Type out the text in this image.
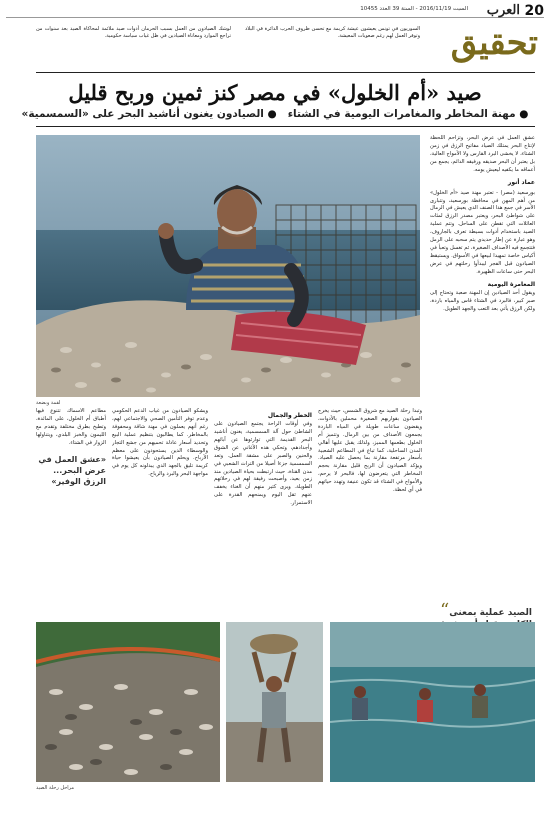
20
العرب
السبت 2016/11/19 - السنة 39 العدد 10455
تحقيق
السوريون في تونس يعيشون عيشة كريمة مع تحسن ظروف الحرب الدائرة في البلاد وتوفر العمل لهم رغم صعوبات المعيشة.
لوشك الصيادون من العمل بسبب الحرمان أدوات صيد ملائمة لمحاكاة الصيد بعد سنوات من تراجع الموارد ومعاناة الصيادين في ظل غياب سياسة حكومية.
صيد «أم الخلول» في مصر كنز ثمين وربح قليل
● مهنة المخاطر والمغامرات اليومية في الشتاء   ● الصيادون يغنون أناشيد البحر على «السمسمية»
لقمة وبضعة

عشق العمل في عرض البحر، وتزاحم اللحظة لإنتاج البحر يمتلك الصياد مفاتيح الرزق في زمن الشتاء، لا يخشى البرد القارس ولا الأمواج العالية، بل يعتبر أن البحر صديقه ورفيقه الدائم، يجمع من أعماقه ما يكفيه ليعيش يومه.

عماد أنور

بورسعيد (مصر) - تعتبر مهنة صيد «أم الخلول» من أهم المهن في محافظة بورسعيد، وتتبارى الأسر في جمع هذا الصنف الذي يعيش في الرمال على شواطئ البحر، ويعتبر مصدر الرزق لمئات العائلات التي تقطن على الساحل. وتتم عملية الصيد باستخدام أدوات بسيطة تعرف بالجاروف، وهو عبارة عن إطار حديدي يتم سحبه على الرمل فتتجمع فيه الأصداف الصغيرة، ثم تغسل وتعبأ في أكياس خاصة تمهيدا لبيعها في الأسواق. ويستيقظ الصيادون قبل الفجر ليبدأوا رحلتهم في عرض البحر حتى ساعات الظهيرة.

المغامرة اليومية

ويقول أحد الصيادين إن المهنة صعبة وتحتاج إلى صبر كبير، فالبرد في الشتاء قاس والمياه باردة، ولكن الرزق يأتي بعد التعب والجهد الطويل.

وتبدأ رحلة الصيد مع شروق الشمس، حيث يخرج الصيادون بقواربهم الصغيرة محملين بالأدوات، ويقضون ساعات طويلة في المياه الباردة يجمعون الأصداف من بين الرمال. وتتميز أم الخلول بطعمها المميز، ولذلك يقبل عليها أهالي المدن الساحلية، كما تباع في المطاعم الشعبية بأسعار مرتفعة مقارنة بما يحصل عليه الصياد. ويؤكد الصيادون أن الربح قليل مقارنة بحجم المخاطر التي يتعرضون لها، فالبحر لا يرحم، والأمواج في الشتاء قد تكون عنيفة وتهدد حياتهم في أي لحظة.

الخطر والجمال

وفي أوقات الراحة يجتمع الصيادون على الشاطئ حول آلة السمسمية، يغنون أناشيد البحر القديمة التي توارثوها عن آبائهم وأجدادهم، وتحكي هذه الأغاني عن الشوق والحنين والصبر على مشقة العمل. وتعد السمسمية جزءا أصيلا من التراث الشعبي في مدن القناة، حيث ارتبطت بحياة الصيادين منذ زمن بعيد، وأصبحت رفيقة لهم في رحلاتهم الطويلة. ويرى كثير منهم أن الغناء يخفف عنهم ثقل اليوم ويمنحهم القدرة على الاستمرار.

ويشكو الصيادون من غياب الدعم الحكومي وعدم توفر التأمين الصحي والاجتماعي لهم، رغم أنهم يعملون في مهنة شاقة ومحفوفة بالمخاطر. كما يطالبون بتنظيم عملية البيع وتحديد أسعار عادلة تحميهم من جشع التجار والوسطاء الذين يستحوذون على معظم الأرباح. ويحلم الصيادون بأن يعيشوا حياة كريمة تليق بالجهد الذي يبذلونه كل يوم في مواجهة البحر والبرد والرياح.

مطاعم الأسماك تتنوع فيها أطباق أم الخلول، على المائدة، وتطبخ بطرق مختلفة وتقدم مع الليمون والخبز البلدي، ويتناولها الزوار في الشتاء.

“	الصيد عملية بمعنى
«عشق العمل في عرض البحر... الرزق الوفير»
مراحل رحلة الصيد
